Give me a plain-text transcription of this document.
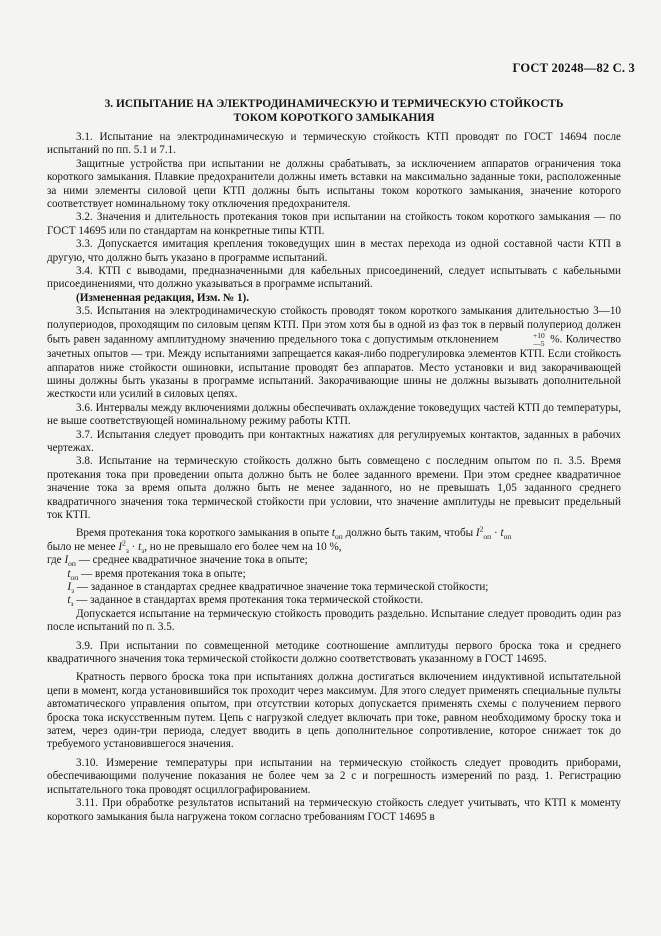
ГОСТ 20248—82 С. 3
3. ИСПЫТАНИЕ НА ЭЛЕКТРОДИНАМИЧЕСКУЮ И ТЕРМИЧЕСКУЮ СТОЙКОСТЬ
ТОКОМ КОРОТКОГО ЗАМЫКАНИЯ

3.1. Испытание на электродинамическую и термическую стойкость КТП проводят по ГОСТ 14694 после испытаний по пп. 5.1 и 7.1.

Защитные устройства при испытании не должны срабатывать, за исключением аппаратов ограничения тока короткого замыкания. Плавкие предохранители должны иметь вставки на максимально заданные токи, расположенные за ними элементы силовой цепи КТП должны быть испытаны током короткого замыкания, значение которого соответствует номинальному току отключения предохранителя.

3.2. Значения и длительность протекания токов при испытании на стойкость током короткого замыкания — по ГОСТ 14695 или по стандартам на конкретные типы КТП.

3.3. Допускается имитация крепления токоведущих шин в местах перехода из одной составной части КТП в другую, что должно быть указано в программе испытаний.

3.4. КТП с выводами, предназначенными для кабельных присоединений, следует испытывать с кабельными присоединениями, что должно указываться в программе испытаний.

(Измененная редакция, Изм. № 1).

3.5. Испытания на электродинамическую стойкость проводят током короткого замыкания длительностью 3—10 полупериодов, проходящим по силовым цепям КТП. При этом хотя бы в одной из фаз ток в первый полупериод должен быть равен заданному амплитудному значению предельного тока с допустимым отклонением	+10
—5 %. Количество зачетных опытов — три. Между испытаниями запрещается какая-либо подрегулировка элементов КТП. Если стойкость аппаратов ниже стойкости ошиновки, испытание проводят без аппаратов. Место установки и вид закорачивающей шины должны быть указаны в программе испытаний. Закорачивающие шины не должны вызывать дополнительной жесткости или усилий в силовых цепях.

3.6. Интервалы между включениями должны обеспечивать охлаждение токоведущих частей КТП до температуры, не выше соответствующей номинальному режиму работы КТП.

3.7. Испытания следует проводить при контактных нажатиях для регулируемых контактов, заданных в рабочих чертежах.

3.8. Испытание на термическую стойкость должно быть совмещено с последним опытом по п. 3.5. Время протекания тока при проведении опыта должно быть не более заданного времени. При этом среднее квадратичное значение тока за время опыта должно быть не менее заданного, но не превышать 1,05 заданного среднего квадратичного значения тока термической стойкости при условии, что значение амплитуды не превысит предельный ток КТП.

Время протекания тока короткого замыкания в опыте $t_{оп}$ должно быть таким, чтобы $I^2_{оп} \cdot t_{оп}$

было не менее $I^2_з \cdot t_з$, но не превышало его более чем на 10 %,

где $I_{оп}$ — среднее квадратичное значение тока в опыте;

$t_{оп}$ — время протекания тока в опыте;

$I_з$ — заданное в стандартах среднее квадратичное значение тока термической стойкости;

$t_з$ — заданное в стандартах время протекания тока термической стойкости.

Допускается испытание на термическую стойкость проводить раздельно. Испытание следует проводить один раз после испытаний по п. 3.5.

3.9. При испытании по совмещенной методике соотношение амплитуды первого броска тока и среднего квадратичного значения тока термической стойкости должно соответствовать указанному в ГОСТ 14695.

Кратность первого броска тока при испытаниях должна достигаться включением индуктивной испытательной цепи в момент, когда установившийся ток проходит через максимум. Для этого следует применять специальные пульты автоматического управления опытом, при отсутствии которых допускается применять схемы с получением первого броска тока искусственным путем. Цепь с нагрузкой следует включать при токе, равном необходимому броску тока и затем, через один-три периода, следует вводить в цепь дополнительное сопротивление, которое снижает ток до требуемого установившегося значения.

3.10. Измерение температуры при испытании на термическую стойкость следует проводить приборами, обеспечивающими получение показания не более чем за 2 с и погрешность измерений по разд. 1. Регистрацию испытательного тока проводят осциллографированием.

3.11. При обработке результатов испытаний на термическую стойкость следует учитывать, что КТП к моменту короткого замыкания была нагружена током согласно требованиям ГОСТ 14695 в
